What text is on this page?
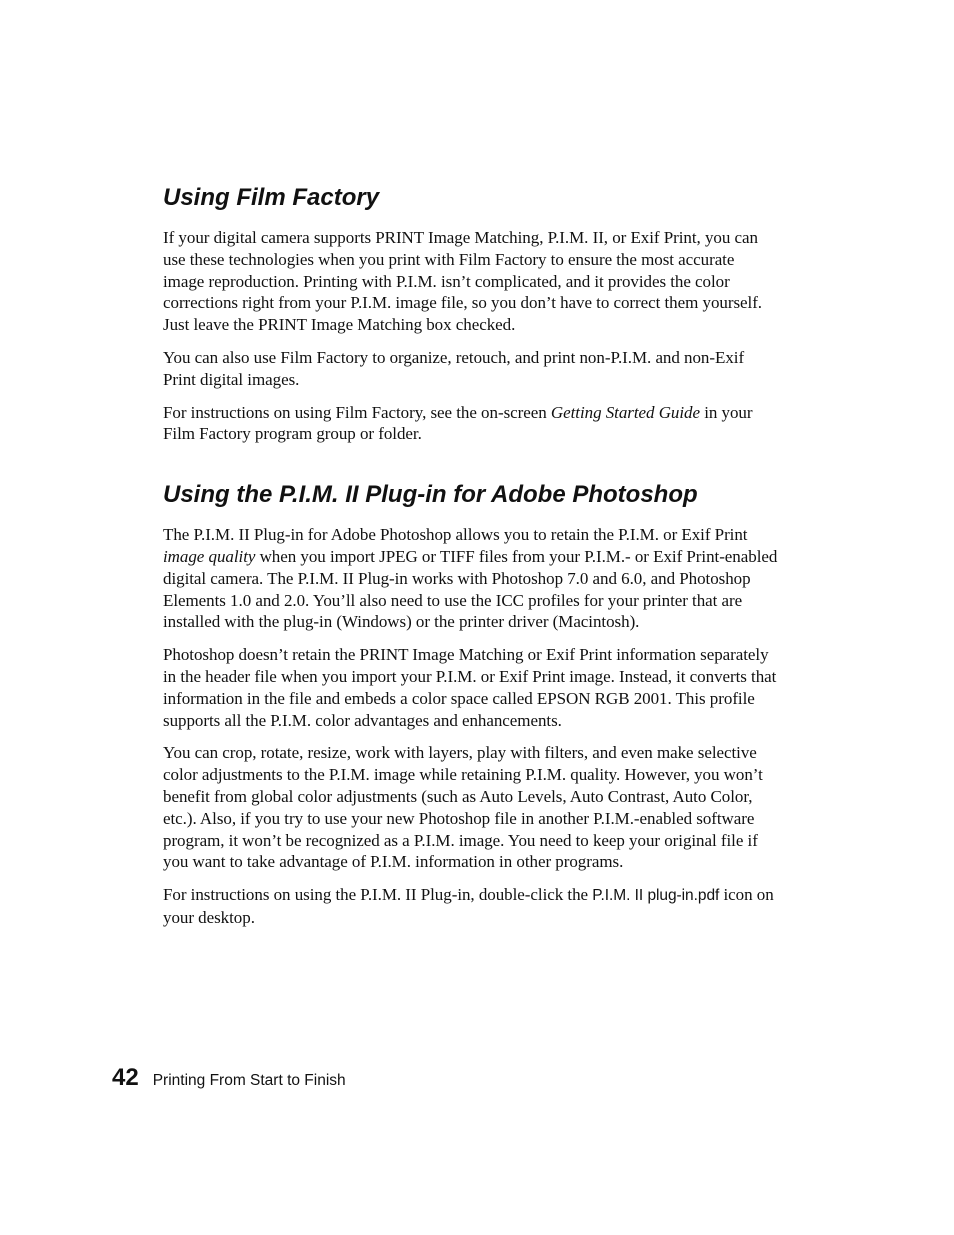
Using Film Factory

If your digital camera supports PRINT Image Matching, P.I.M. II, or Exif Print, you can use these technologies when you print with Film Factory to ensure the most accurate image reproduction. Printing with P.I.M. isn’t complicated, and it provides the color corrections right from your P.I.M. image file, so you don’t have to correct them yourself. Just leave the PRINT Image Matching box checked.

You can also use Film Factory to organize, retouch, and print non-P.I.M. and non-Exif Print digital images.

For instructions on using Film Factory, see the on-screen Getting Started Guide in your Film Factory program group or folder.

Using the P.I.M. II Plug-in for Adobe Photoshop

The P.I.M. II Plug-in for Adobe Photoshop allows you to retain the P.I.M. or Exif Print image quality when you import JPEG or TIFF files from your P.I.M.- or Exif Print-enabled digital camera. The P.I.M. II Plug-in works with Photoshop 7.0 and 6.0, and Photoshop Elements 1.0 and 2.0. You’ll also need to use the ICC profiles for your printer that are installed with the plug-in (Windows) or the printer driver (Macintosh).

Photoshop doesn’t retain the PRINT Image Matching or Exif Print information separately in the header file when you import your P.I.M. or Exif Print image. Instead, it converts that information in the file and embeds a color space called EPSON RGB 2001. This profile supports all the P.I.M. color advantages and enhancements.

You can crop, rotate, resize, work with layers, play with filters, and even make selective color adjustments to the P.I.M. image while retaining P.I.M. quality. However, you won’t benefit from global color adjustments (such as Auto Levels, Auto Contrast, Auto Color, etc.). Also, if you try to use your new Photoshop file in another P.I.M.-enabled software program, it won’t be recognized as a P.I.M. image. You need to keep your original file if you want to take advantage of P.I.M. information in other programs.

For instructions on using the P.I.M. II Plug-in, double-click the P.I.M. II plug-in.pdf icon on your desktop.

42 Printing From Start to Finish
